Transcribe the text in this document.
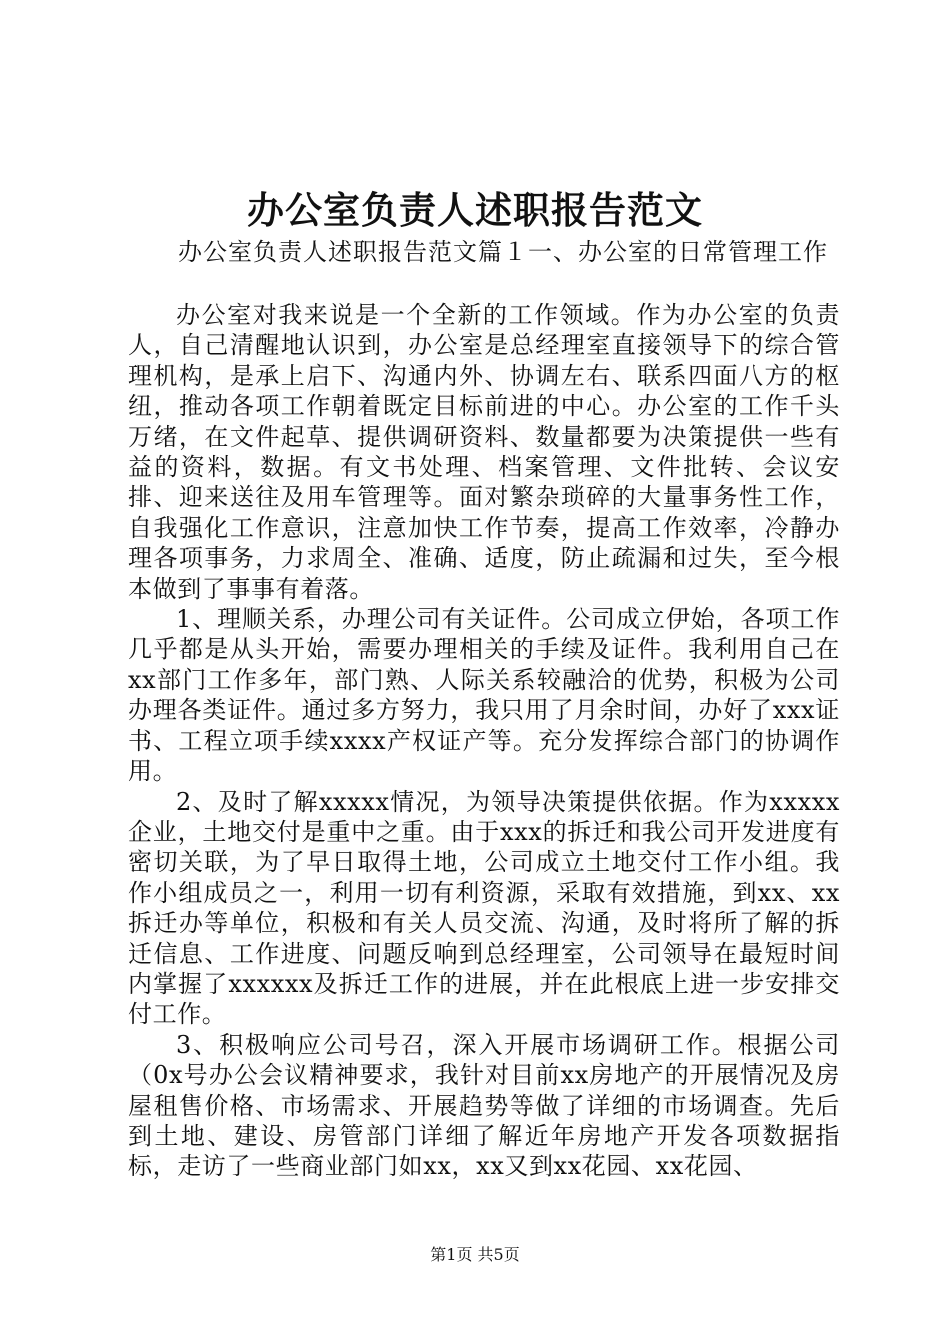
办公室负责人述职报告范文
办公室负责人述职报告范文篇１一、办公室的日常管理工作

办公室对我来说是一个全新的工作领域。作为办公室的负责人，自己清醒地认识到，办公室是总经理室直接领导下的综合管理机构，是承上启下、沟通内外、协调左右、联系四面八方的枢纽，推动各项工作朝着既定目标前进的中心。办公室的工作千头万绪，在文件起草、提供调研资料、数量都要为决策提供一些有益的资料，数据。有文书处理、档案管理、文件批转、会议安排、迎来送往及用车管理等。面对繁杂琐碎的大量事务性工作，自我强化工作意识，注意加快工作节奏，提高工作效率，冷静办理各项事务，力求周全、准确、适度，防止疏漏和过失，至今根本做到了事事有着落。

1、理顺关系，办理公司有关证件。公司成立伊始，各项工作几乎都是从头开始，需要办理相关的手续及证件。我利用自己在xx部门工作多年，部门熟、人际关系较融洽的优势，积极为公司办理各类证件。通过多方努力，我只用了月余时间，办好了xxx证书、工程立项手续xxxx产权证产等。充分发挥综合部门的协调作用。

2、及时了解xxxxx情况，为领导决策提供依据。作为xxxxx企业，土地交付是重中之重。由于xxx的拆迁和我公司开发进度有密切关联，为了早日取得土地，公司成立土地交付工作小组。我作小组成员之一，利用一切有利资源，采取有效措施，到xx、xx拆迁办等单位，积极和有关人员交流、沟通，及时将所了解的拆迁信息、工作进度、问题反响到总经理室，公司领导在最短时间内掌握了xxxxxx及拆迁工作的进展，并在此根底上进一步安排交付工作。

3、积极响应公司号召，深入开展市场调研工作。根据公司（0x号办公会议精神要求，我针对目前xx房地产的开展情况及房屋租售价格、市场需求、开展趋势等做了详细的市场调查。先后到土地、建设、房管部门详细了解近年房地产开发各项数据指标，走访了一些商业部门如xx，xx又到xx花园、xx花园、

第1页 共5页
